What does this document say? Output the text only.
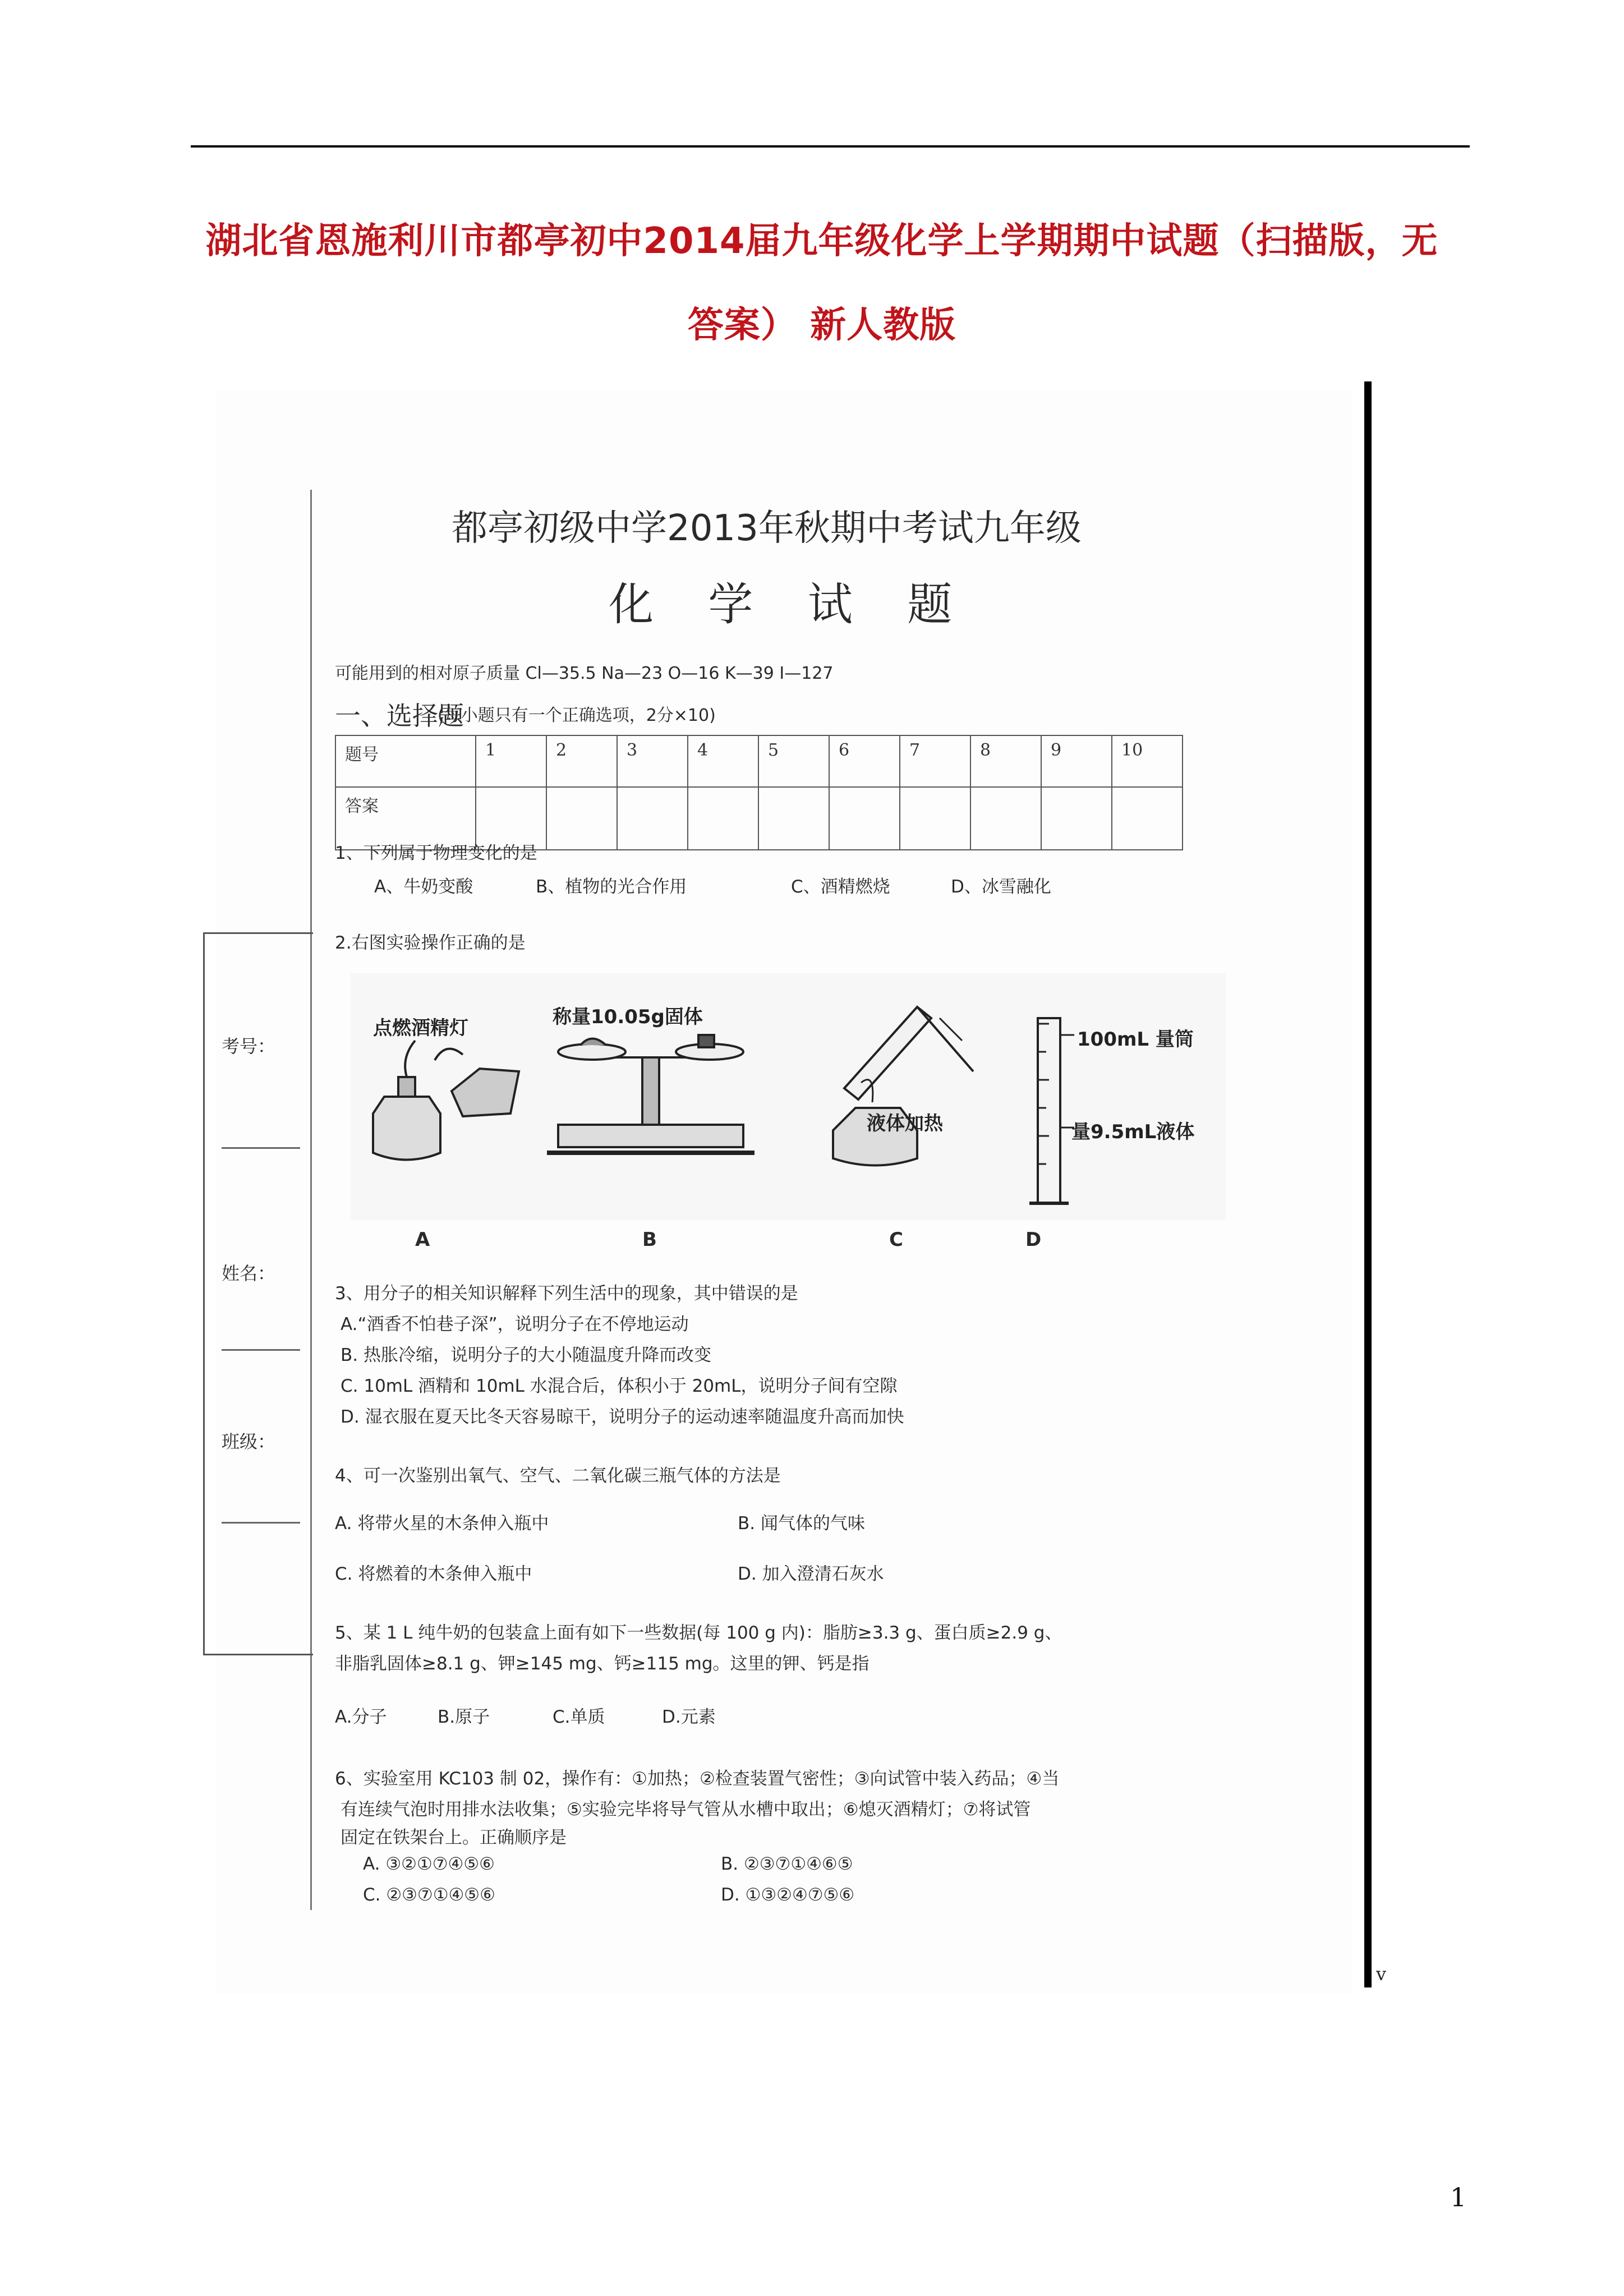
湖北省恩施利川市都亭初中2014届九年级化学上学期期中试题（扫描版，无
答案） 新人教版
v
1
考号：
姓名：
班级：
都亭初级中学2013年秋期中考试九年级
化 学 试 题
可能用到的相对原子质量 Cl—35.5 Na—23 O—16 K—39 I—127
一、选择题
(每小题只有一个正确选项，2分×10)
题号	1	2	3	4	5	6	7	8	9	10
答案										
1、下列属于物理变化的是
A、牛奶变酸	B、植物的光合作用	C、酒精燃烧	D、冰雪融化
2.右图实验操作正确的是
点燃酒精灯	称量10.05g固体
液体加热
100mL 量筒
量9.5mL液体
A	B	C	D
3、用分子的相关知识解释下列生活中的现象，其中错误的是
A.“酒香不怕巷子深”，说明分子在不停地运动
B. 热胀冷缩，说明分子的大小随温度升降而改变
C. 10mL 酒精和 10mL 水混合后，体积小于 20mL，说明分子间有空隙
D. 湿衣服在夏天比冬天容易晾干，说明分子的运动速率随温度升高而加快
4、可一次鉴别出氧气、空气、二氧化碳三瓶气体的方法是
A. 将带火星的木条伸入瓶中	B. 闻气体的气味
C. 将燃着的木条伸入瓶中	D. 加入澄清石灰水
5、某 1 L 纯牛奶的包装盒上面有如下一些数据(每 100 g 内)：脂肪≥3.3 g、蛋白质≥2.9 g、
非脂乳固体≥8.1 g、钾≥145 mg、钙≥115 mg。这里的钾、钙是指
A.分子	B.原子	C.单质	D.元素
6、实验室用 KC103 制 02，操作有：①加热；②检查装置气密性；③向试管中装入药品；④当
有连续气泡时用排水法收集；⑤实验完毕将导气管从水槽中取出；⑥熄灭酒精灯；⑦将试管
固定在铁架台上。正确顺序是
A. ③②①⑦④⑤⑥	B. ②③⑦①④⑥⑤
C. ②③⑦①④⑤⑥	D. ①③②④⑦⑤⑥
